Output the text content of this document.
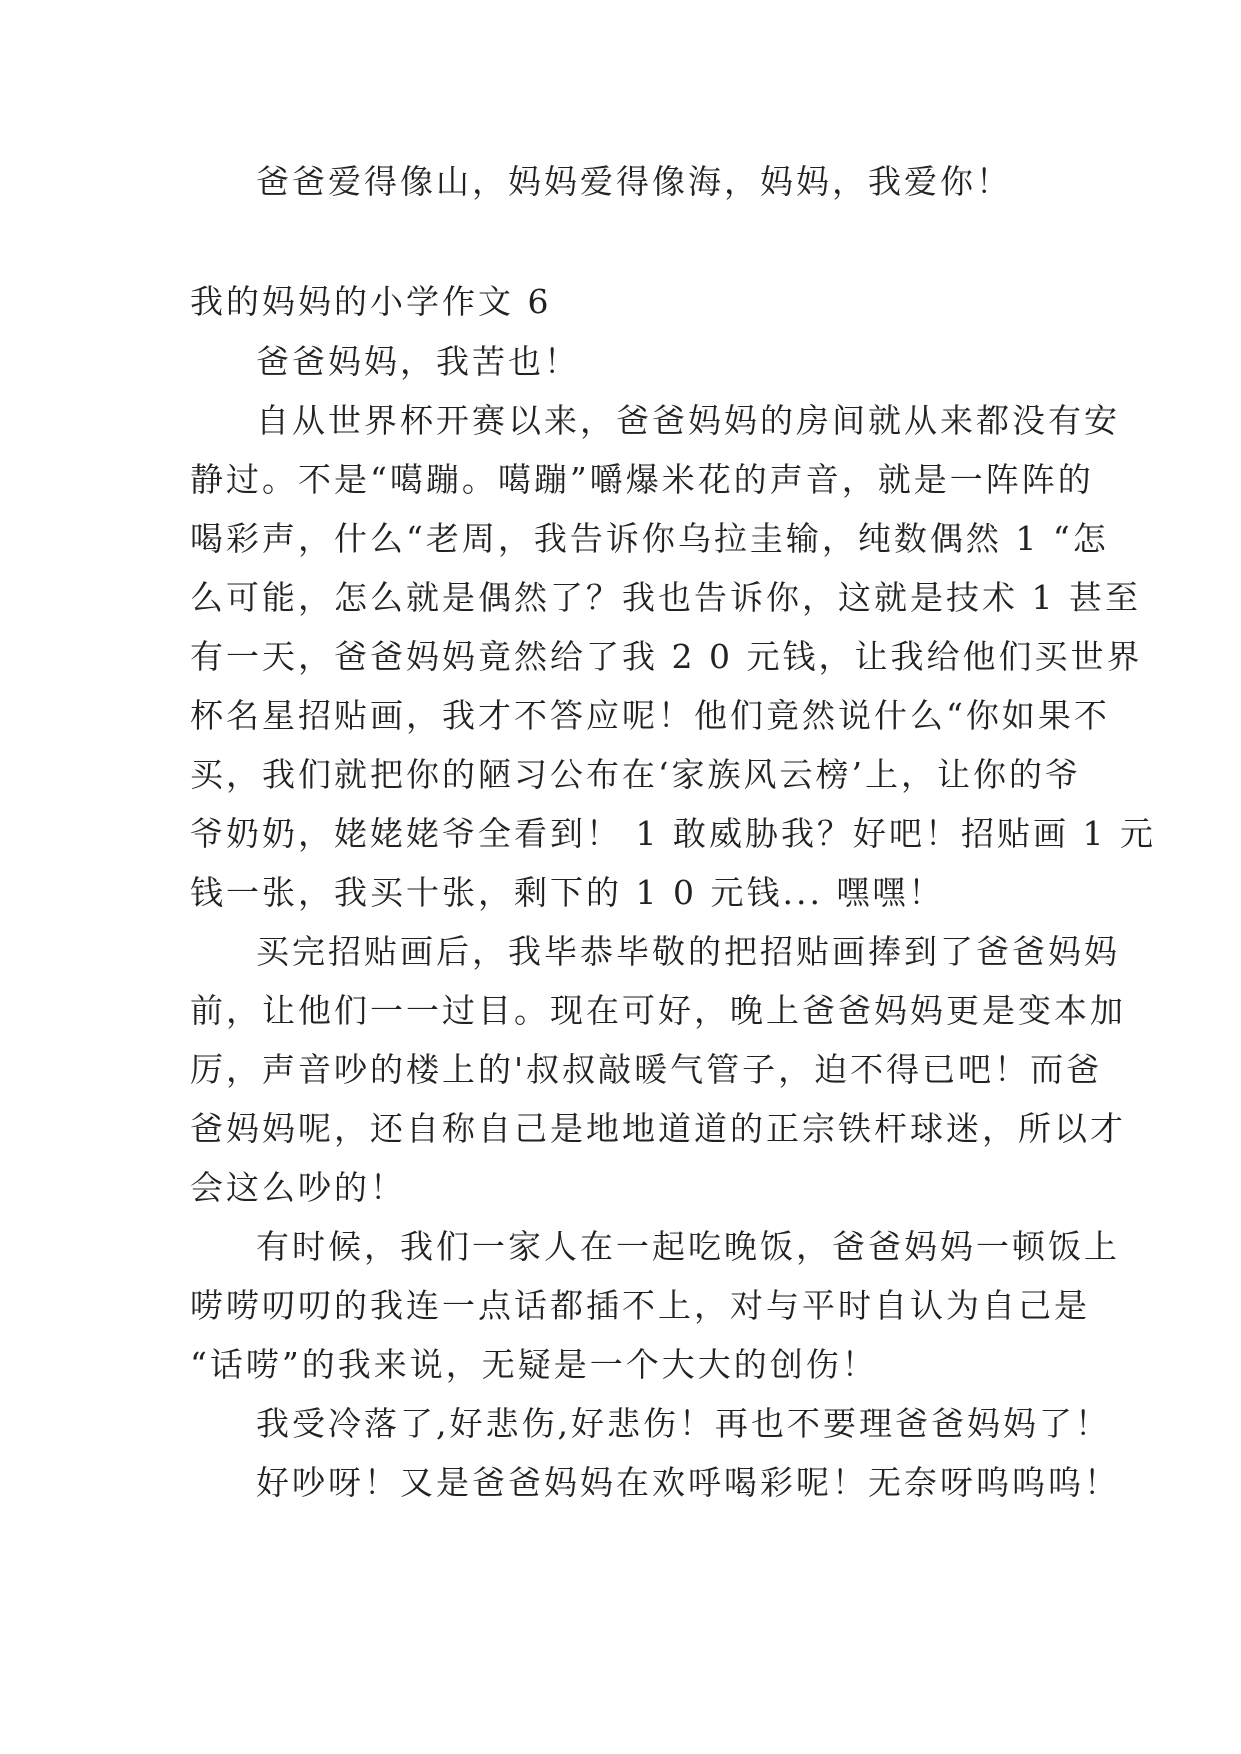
爸爸爱得像山，妈妈爱得像海，妈妈，我爱你！

我的妈妈的小学作文 6

爸爸妈妈，我苦也！

自从世界杯开赛以来，爸爸妈妈的房间就从来都没有安

静过。不是“噶蹦。噶蹦”嚼爆米花的声音，就是一阵阵的

喝彩声，什么“老周，我告诉你乌拉圭输，纯数偶然 1 “怎

么可能，怎么就是偶然了？我也告诉你，这就是技术 1 甚至

有一天，爸爸妈妈竟然给了我 2 0 元钱，让我给他们买世界

杯名星招贴画，我才不答应呢！他们竟然说什么“你如果不

买，我们就把你的陋习公布在‘家族风云榜’上，让你的爷

爷奶奶，姥姥姥爷全看到！ 1 敢威胁我？好吧！招贴画 1 元

钱一张，我买十张，剩下的 1 0 元钱... 嘿嘿！

买完招贴画后，我毕恭毕敬的把招贴画捧到了爸爸妈妈

前，让他们一一过目。现在可好，晚上爸爸妈妈更是变本加

厉，声音吵的楼上的'叔叔敲暖气管子，迫不得已吧！而爸

爸妈妈呢，还自称自己是地地道道的正宗铁杆球迷，所以才

会这么吵的！

有时候，我们一家人在一起吃晚饭，爸爸妈妈一顿饭上

唠唠叨叨的我连一点话都插不上，对与平时自认为自己是

“话唠”的我来说，无疑是一个大大的创伤！

我受冷落了,好悲伤,好悲伤！再也不要理爸爸妈妈了！

好吵呀！又是爸爸妈妈在欢呼喝彩呢！无奈呀呜呜呜！
